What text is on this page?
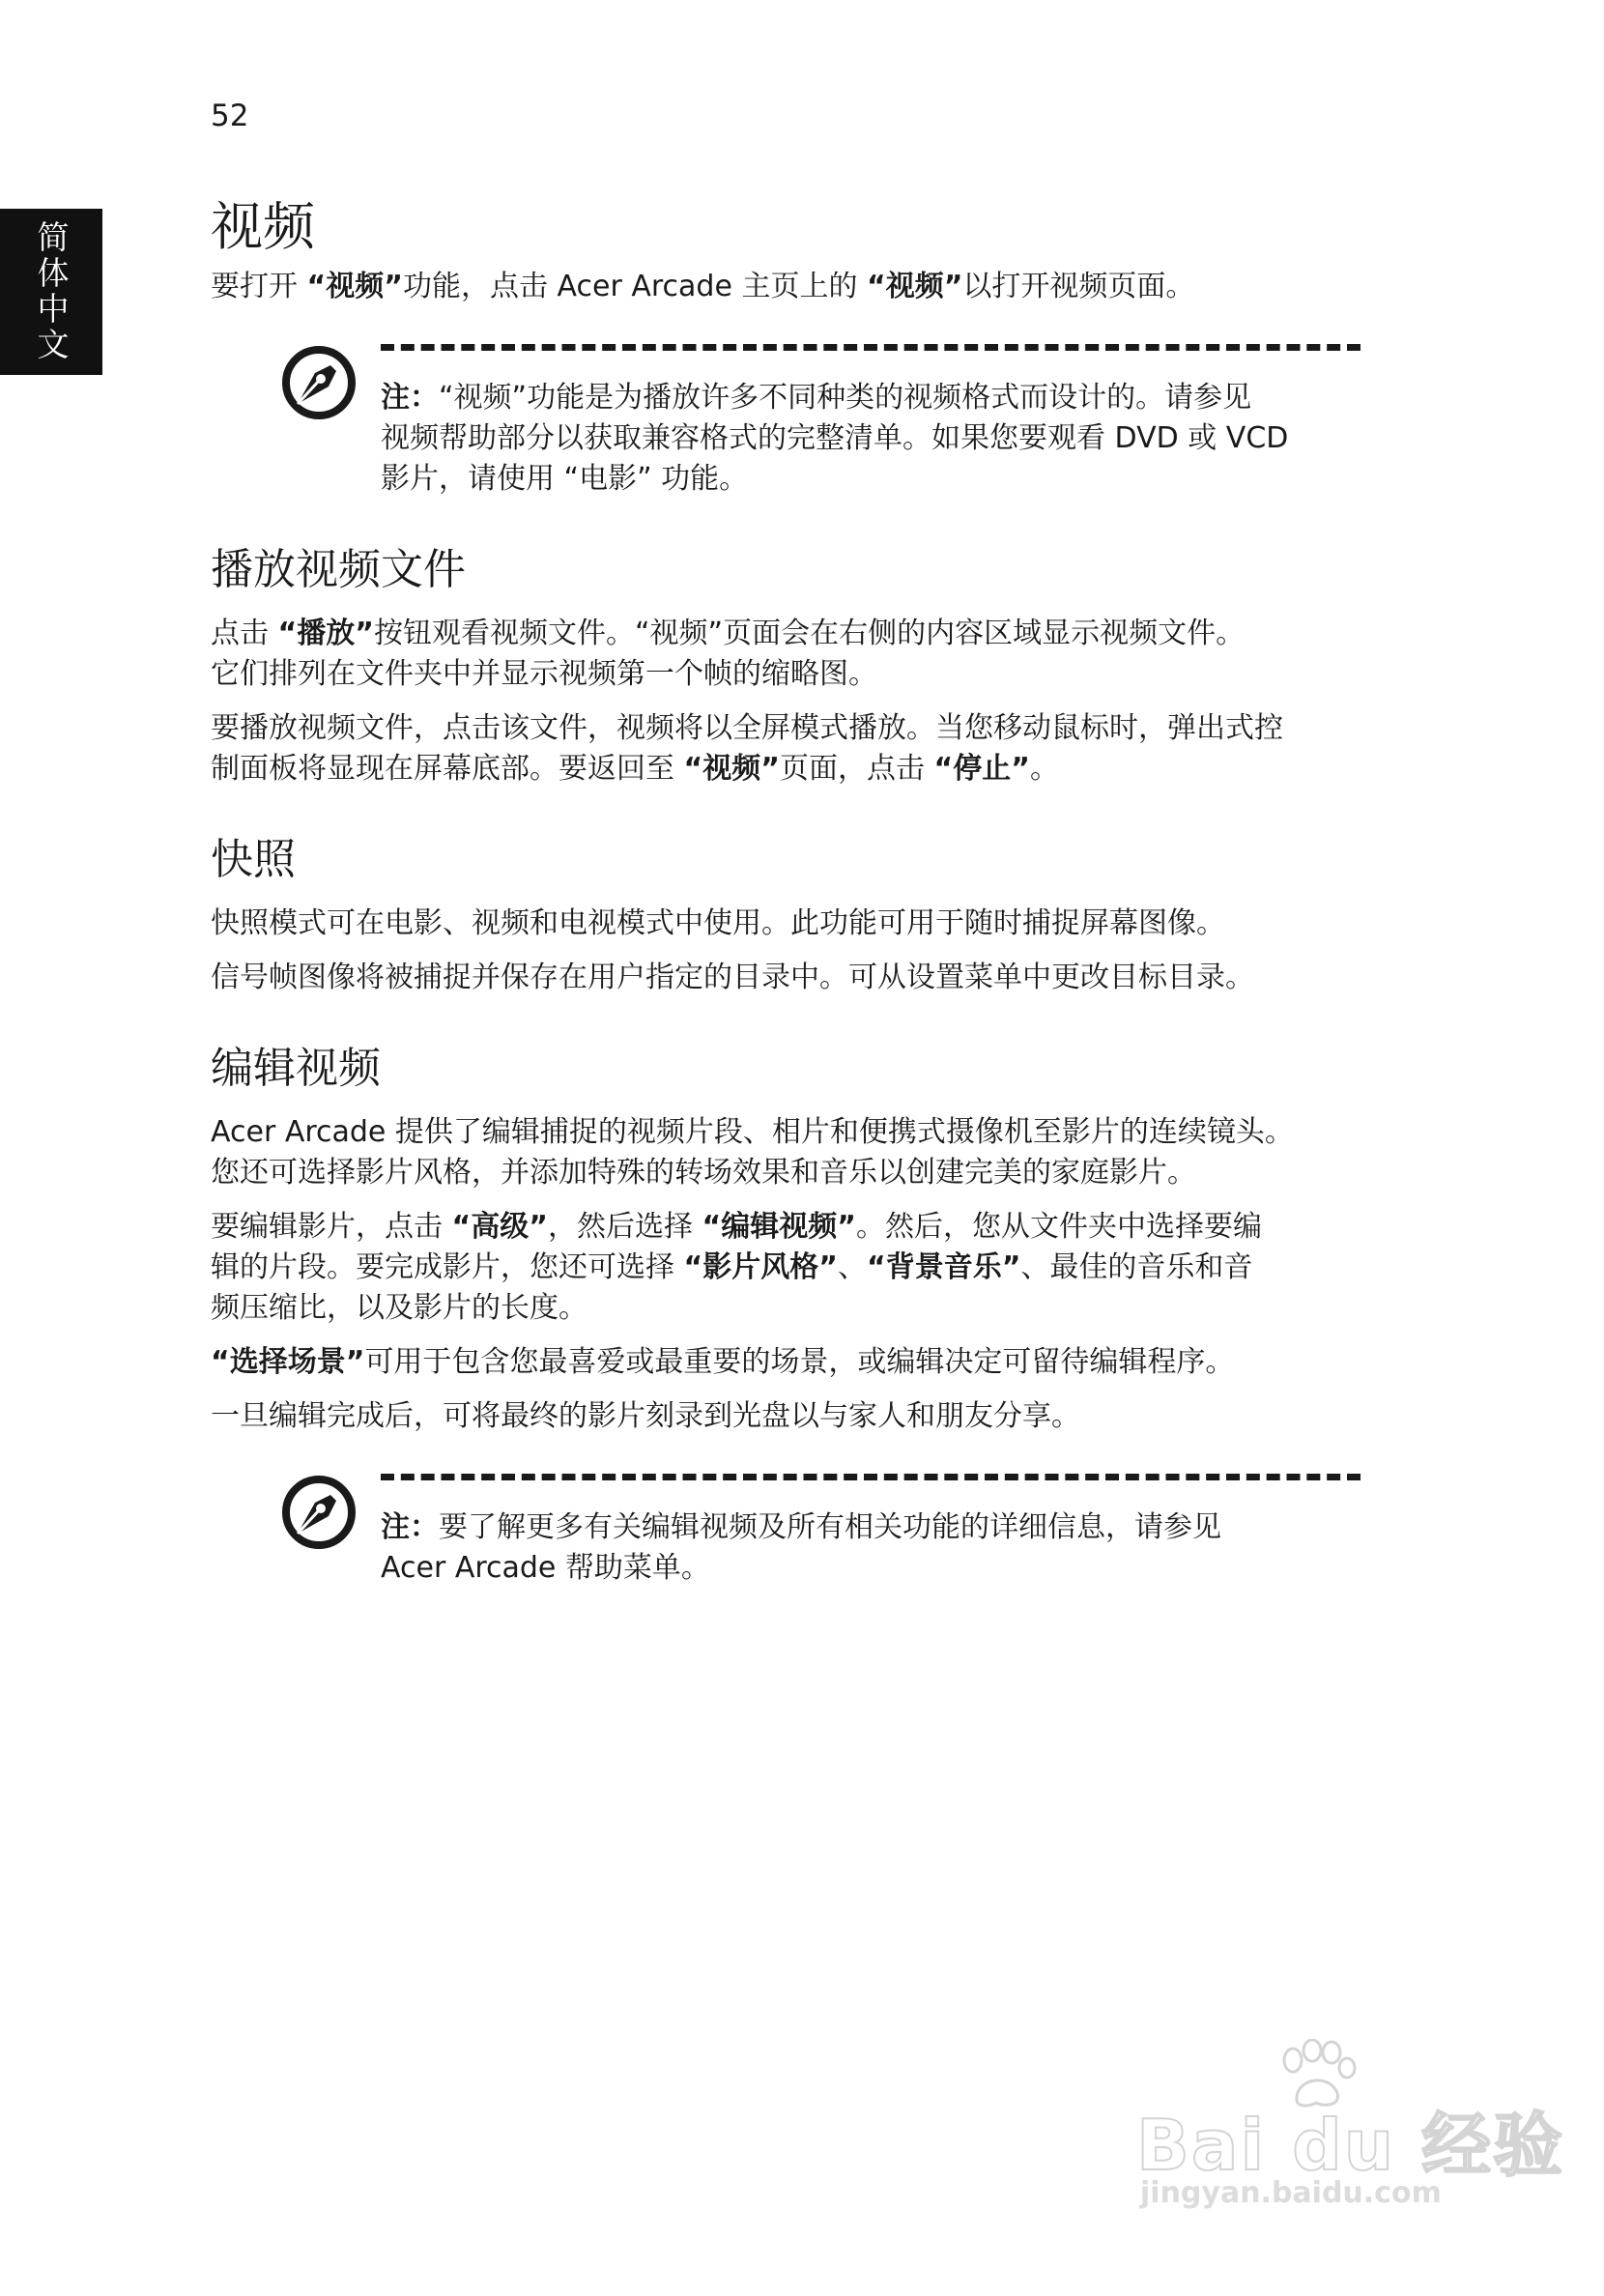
52
简体中文	视频

要打开 “视频”功能，点击 Acer Arcade 主页上的 “视频”以打开视频页面。

注：“视频”功能是为播放许多不同种类的视频格式而设计的。请参见
视频帮助部分以获取兼容格式的完整清单。如果您要观看 DVD 或 VCD
影片，请使用 “电影” 功能。

播放视频文件

点击 “播放”按钮观看视频文件。“视频”页面会在右侧的内容区域显示视频文件。
它们排列在文件夹中并显示视频第一个帧的缩略图。

要播放视频文件，点击该文件，视频将以全屏模式播放。当您移动鼠标时，弹出式控
制面板将显现在屏幕底部。要返回至 “视频”页面，点击 “停止”。

快照

快照模式可在电影、视频和电视模式中使用。此功能可用于随时捕捉屏幕图像。

信号帧图像将被捕捉并保存在用户指定的目录中。可从设置菜单中更改目标目录。

编辑视频

Acer Arcade 提供了编辑捕捉的视频片段、相片和便携式摄像机至影片的连续镜头。
您还可选择影片风格，并添加特殊的转场效果和音乐以创建完美的家庭影片。

要编辑影片，点击 “高级”，然后选择 “编辑视频”。然后，您从文件夹中选择要编
辑的片段。要完成影片，您还可选择 “影片风格”、“背景音乐”、最佳的音乐和音
频压缩比，以及影片的长度。

“选择场景”可用于包含您最喜爱或最重要的场景，或编辑决定可留待编辑程序。

一旦编辑完成后，可将最终的影片刻录到光盘以与家人和朋友分享。

注：要了解更多有关编辑视频及所有相关功能的详细信息，请参见
Acer Arcade 帮助菜单。

Bai du 经验
jingyan.baidu.com
